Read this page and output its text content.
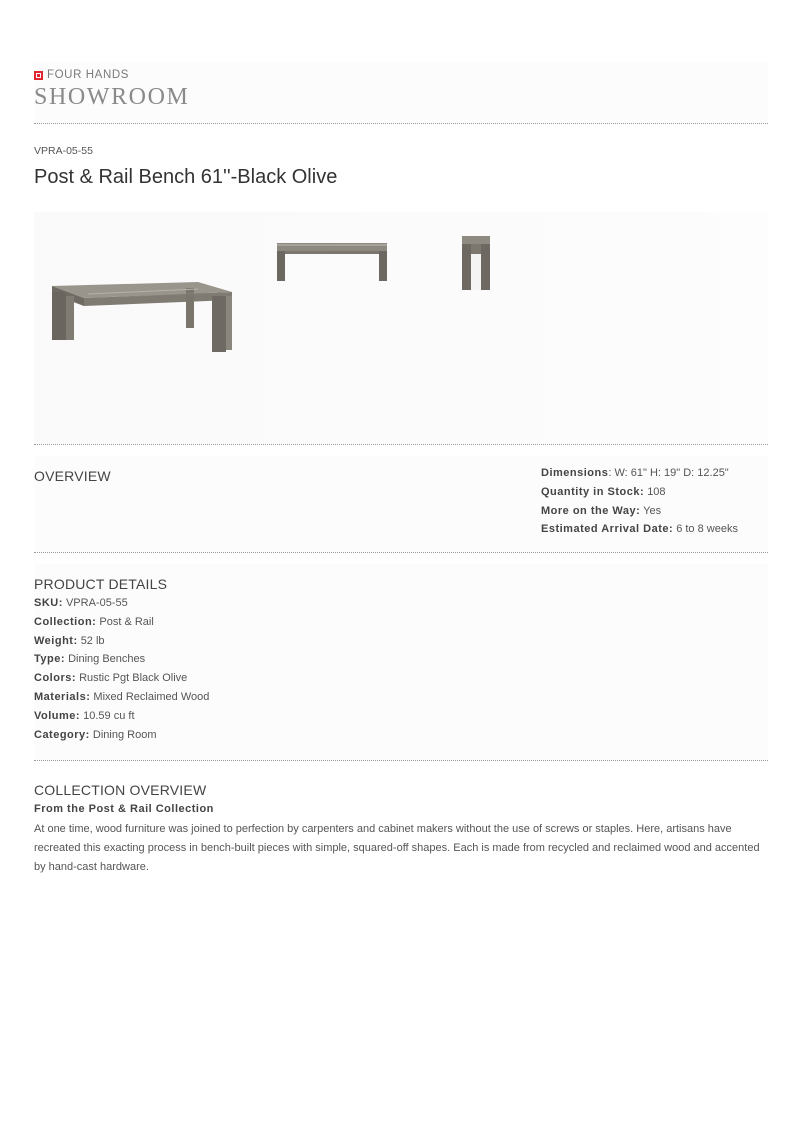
FOUR HANDS
SHOWROOM
VPRA-05-55
Post & Rail Bench 61''-Black Olive
OVERVIEW	Dimensions: W: 61" H: 19" D: 12.25"
Quantity in Stock: 108
More on the Way: Yes
Estimated Arrival Date: 6 to 8 weeks
PRODUCT DETAILS
SKU: VPRA-05-55
Collection: Post & Rail
Weight: 52 lb
Type: Dining Benches
Colors: Rustic Pgt Black Olive
Materials: Mixed Reclaimed Wood
Volume: 10.59 cu ft
Category: Dining Room
COLLECTION OVERVIEW
From the Post & Rail Collection
At one time, wood furniture was joined to perfection by carpenters and cabinet makers without the use of screws or staples. Here, artisans have recreated this exacting process in bench-built pieces with simple, squared-off shapes. Each is made from recycled and reclaimed wood and accented by hand-cast hardware.
